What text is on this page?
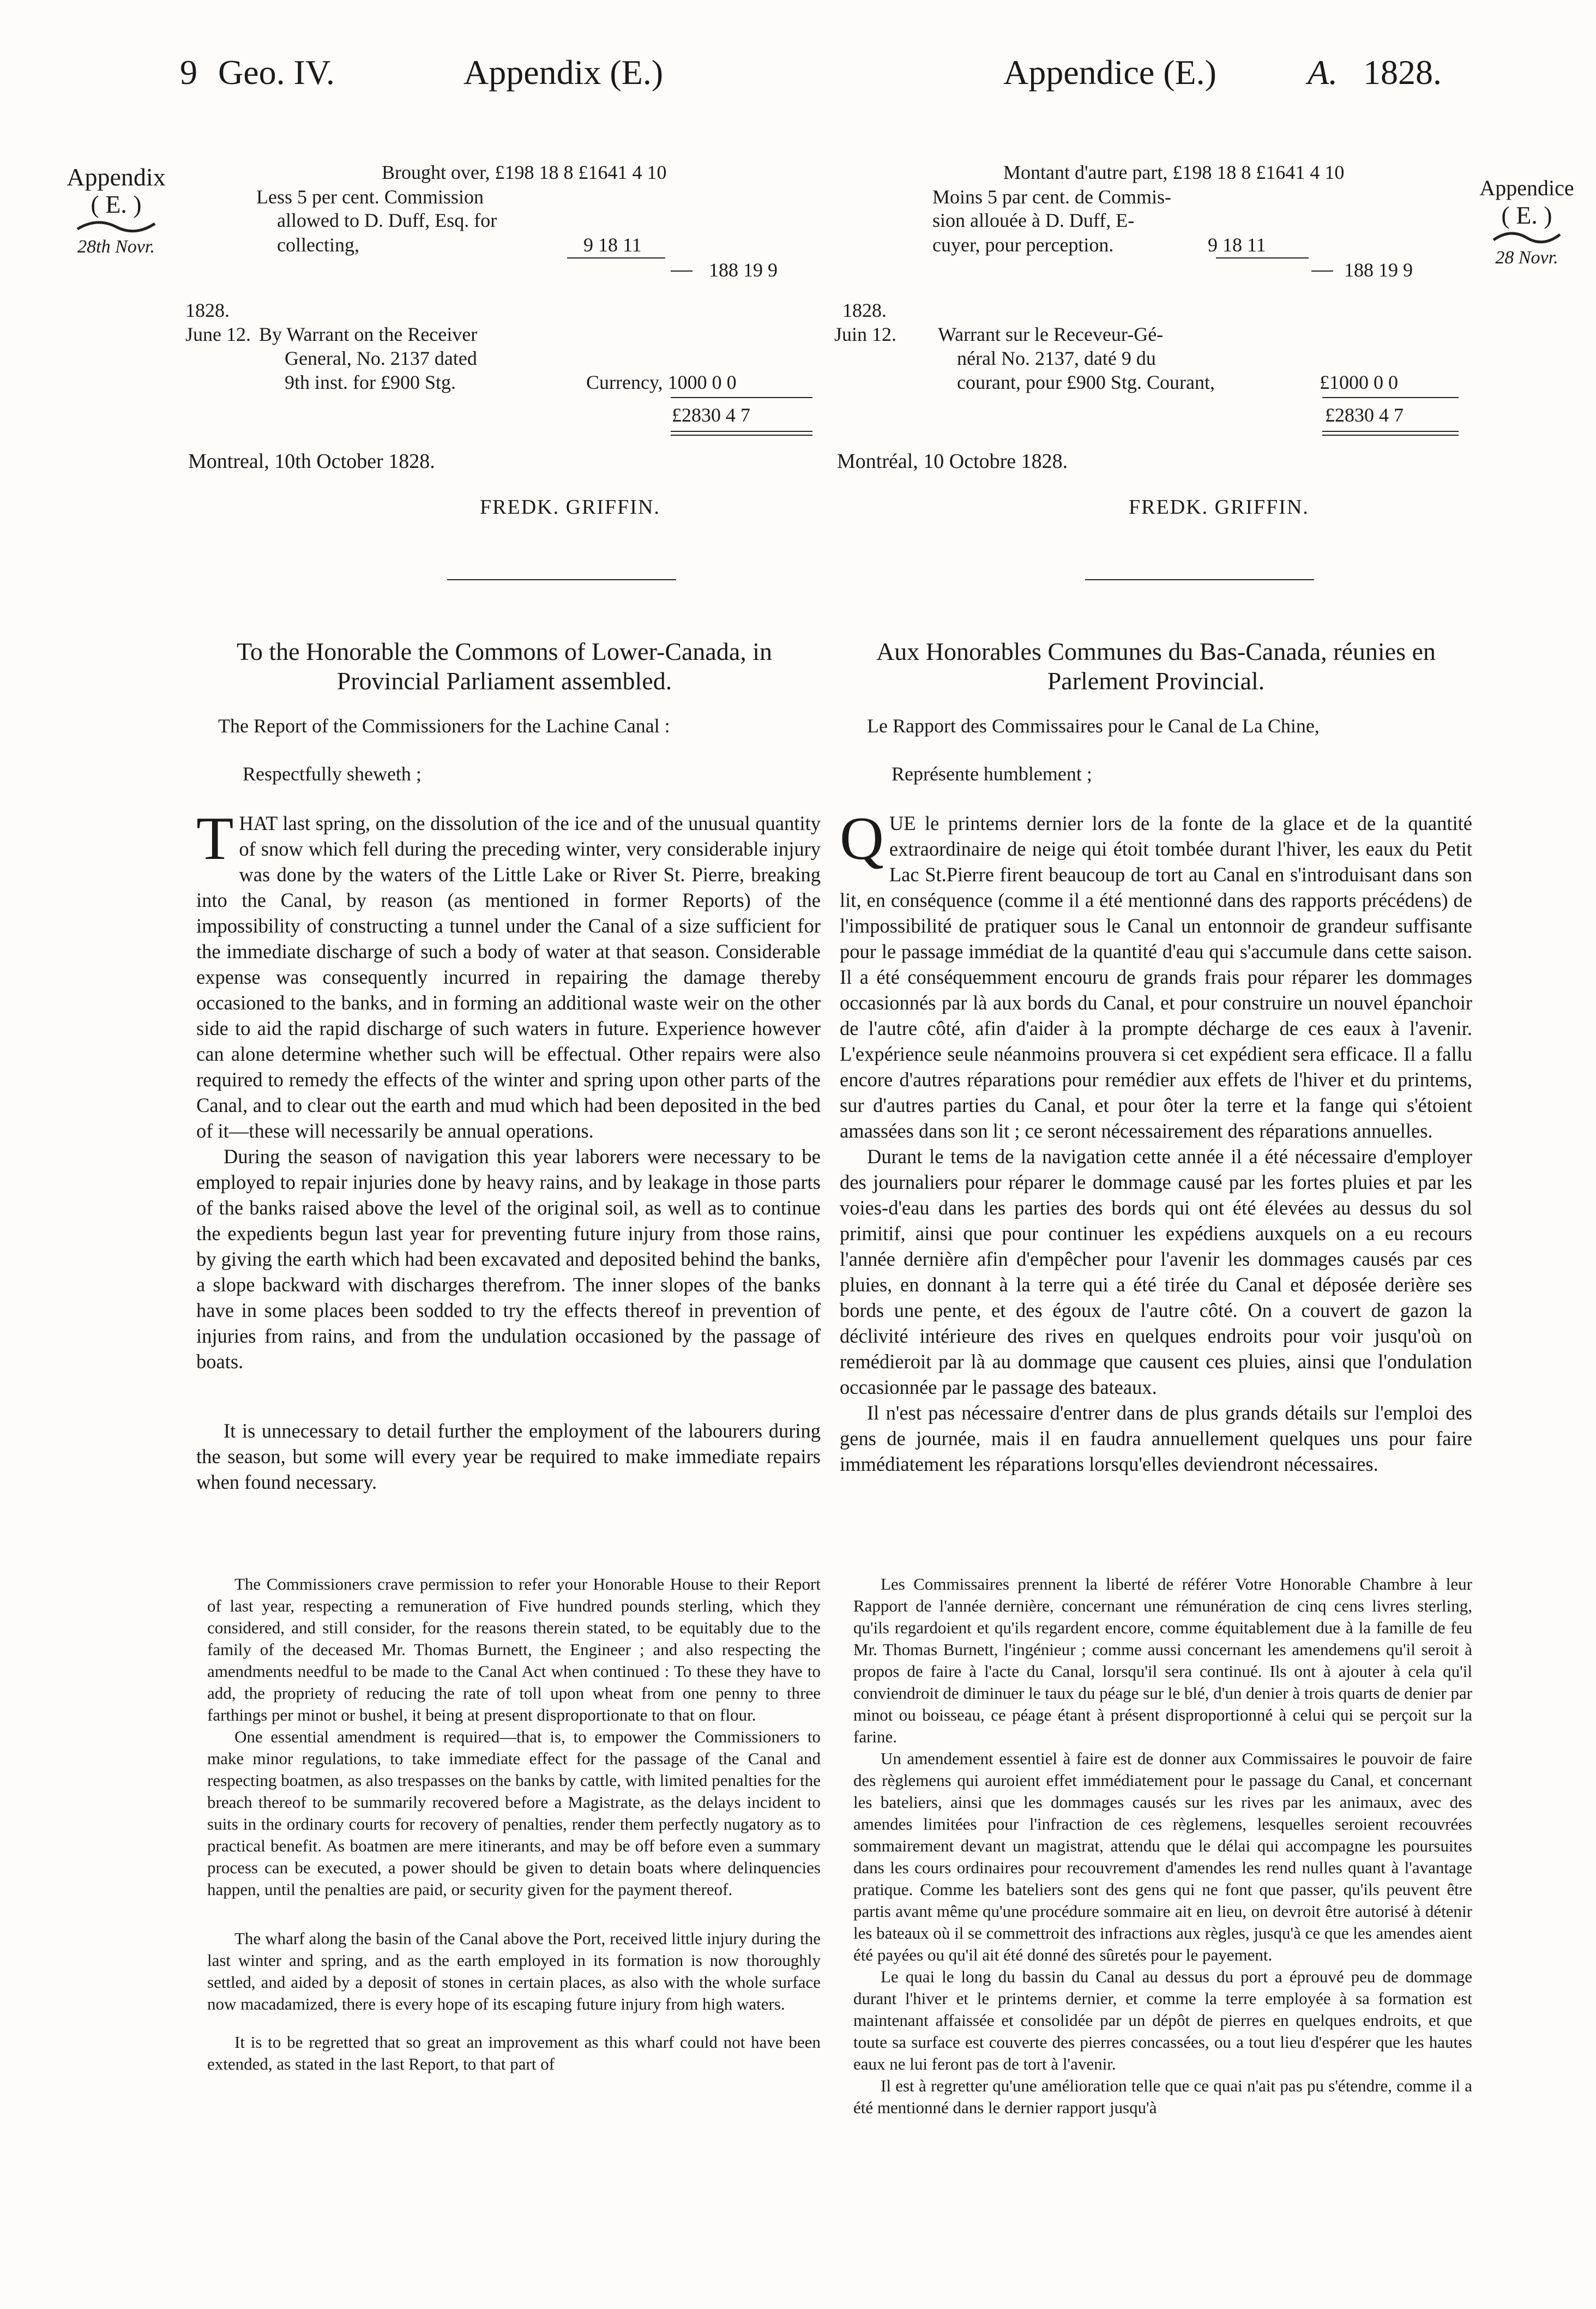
9 Geo. IV.	Appendix (E.)	Appendice (E.)	A. 1828.
Appendix
( E. )
28th Novr.
Appendice
( E. )
28 Novr.
Brought over, £198 18 8 £1641 4 10
Less 5 per cent. Commission
allowed to D. Duff, Esq. for
collecting,	9 18 11
188 19 9
1828.
June 12. By Warrant on the Receiver
General, No. 2137 dated
9th inst. for £900 Stg.	Currency, 1000 0 0
£2830 4 7
Montreal, 10th October 1828.
FREDK. GRIFFIN.
Montant d'autre part, £198 18 8 £1641 4 10
Moins 5 par cent. de Commis-
sion allouée à D. Duff, E-
cuyer, pour perception.	9 18 11
188 19 9
1828.
Juin 12. Warrant sur le Receveur-Gé-
néral No. 2137, daté 9 du
courant, pour £900 Stg. Courant,	£1000 0 0
£2830 4 7
Montréal, 10 Octobre 1828.
FREDK. GRIFFIN.
To the Honorable the Commons of Lower-Canada, in Provincial Parliament assembled.
Aux Honorables Communes du Bas-Canada, réunies en Parlement Provincial.
The Report of the Commissioners for the Lachine Canal :	Le Rapport des Commissaires pour le Canal de La Chine,
Respectfully sheweth ;	Représente humblement ;

THAT last spring, on the dissolution of the ice and of the unusual quantity of snow which fell during the preceding winter, very considerable injury was done by the waters of the Little Lake or River St. Pierre, breaking into the Canal, by reason (as mentioned in former Reports) of the impossibility of constructing a tunnel under the Canal of a size sufficient for the immediate discharge of such a body of water at that season. Considerable expense was consequently incurred in repairing the damage thereby occasioned to the banks, and in forming an additional waste weir on the other side to aid the rapid discharge of such waters in future. Experience however can alone determine whether such will be effectual. Other repairs were also required to remedy the effects of the winter and spring upon other parts of the Canal, and to clear out the earth and mud which had been deposited in the bed of it—these will necessarily be annual operations.

During the season of navigation this year laborers were necessary to be employed to repair injuries done by heavy rains, and by leakage in those parts of the banks raised above the level of the original soil, as well as to continue the expedients begun last year for preventing future injury from those rains, by giving the earth which had been excavated and deposited behind the banks, a slope backward with discharges therefrom. The inner slopes of the banks have in some places been sodded to try the effects thereof in prevention of injuries from rains, and from the undulation occasioned by the passage of boats.

It is unnecessary to detail further the employment of the labourers during the season, but some will every year be required to make immediate repairs when found necessary.

QUE le printems dernier lors de la fonte de la glace et de la quantité extraordinaire de neige qui étoit tombée durant l'hiver, les eaux du Petit Lac St.Pierre firent beaucoup de tort au Canal en s'introduisant dans son lit, en conséquence (comme il a été mentionné dans des rapports précédens) de l'impossibilité de pratiquer sous le Canal un entonnoir de grandeur suffisante pour le passage immédiat de la quantité d'eau qui s'accumule dans cette saison. Il a été conséquemment encouru de grands frais pour réparer les dommages occasionnés par là aux bords du Canal, et pour construire un nouvel épanchoir de l'autre côté, afin d'aider à la prompte décharge de ces eaux à l'avenir. L'expérience seule néanmoins prouvera si cet expédient sera efficace. Il a fallu encore d'autres réparations pour remédier aux effets de l'hiver et du printems, sur d'autres parties du Canal, et pour ôter la terre et la fange qui s'étoient amassées dans son lit ; ce seront nécessairement des réparations annuelles.

Durant le tems de la navigation cette année il a été nécessaire d'employer des journaliers pour réparer le dommage causé par les fortes pluies et par les voies-d'eau dans les parties des bords qui ont été élevées au dessus du sol primitif, ainsi que pour continuer les expédiens auxquels on a eu recours l'année dernière afin d'empêcher pour l'avenir les dommages causés par ces pluies, en donnant à la terre qui a été tirée du Canal et déposée derière ses bords une pente, et des égoux de l'autre côté. On a couvert de gazon la déclivité intérieure des rives en quelques endroits pour voir jusqu'où on remédieroit par là au dommage que causent ces pluies, ainsi que l'ondulation occasionnée par le passage des bateaux.

Il n'est pas nécessaire d'entrer dans de plus grands détails sur l'emploi des gens de journée, mais il en faudra annuellement quelques uns pour faire immédiatement les réparations lorsqu'elles deviendront nécessaires.

The Commissioners crave permission to refer your Honorable House to their Report of last year, respecting a remuneration of Five hundred pounds sterling, which they considered, and still consider, for the reasons therein stated, to be equitably due to the family of the deceased Mr. Thomas Burnett, the Engineer ; and also respecting the amendments needful to be made to the Canal Act when continued : To these they have to add, the propriety of reducing the rate of toll upon wheat from one penny to three farthings per minot or bushel, it being at present disproportionate to that on flour.

One essential amendment is required—that is, to empower the Commissioners to make minor regulations, to take immediate effect for the passage of the Canal and respecting boatmen, as also trespasses on the banks by cattle, with limited penalties for the breach thereof to be summarily recovered before a Magistrate, as the delays incident to suits in the ordinary courts for recovery of penalties, render them perfectly nugatory as to practical benefit. As boatmen are mere itinerants, and may be off before even a summary process can be executed, a power should be given to detain boats where delinquencies happen, until the penalties are paid, or security given for the payment thereof.

The wharf along the basin of the Canal above the Port, received little injury during the last winter and spring, and as the earth employed in its formation is now thoroughly settled, and aided by a deposit of stones in certain places, as also with the whole surface now macadamized, there is every hope of its escaping future injury from high waters.

It is to be regretted that so great an improvement as this wharf could not have been extended, as stated in the last Report, to that part of

Les Commissaires prennent la liberté de référer Votre Honorable Chambre à leur Rapport de l'année dernière, concernant une rémunération de cinq cens livres sterling, qu'ils regardoient et qu'ils regardent encore, comme équitablement due à la famille de feu Mr. Thomas Burnett, l'ingénieur ; comme aussi concernant les amendemens qu'il seroit à propos de faire à l'acte du Canal, lorsqu'il sera continué. Ils ont à ajouter à cela qu'il conviendroit de diminuer le taux du péage sur le blé, d'un denier à trois quarts de denier par minot ou boisseau, ce péage étant à présent disproportionné à celui qui se perçoit sur la farine.

Un amendement essentiel à faire est de donner aux Commissaires le pouvoir de faire des règlemens qui auroient effet immédiatement pour le passage du Canal, et concernant les bateliers, ainsi que les dommages causés sur les rives par les animaux, avec des amendes limitées pour l'infraction de ces règlemens, lesquelles seroient recouvrées sommairement devant un magistrat, attendu que le délai qui accompagne les poursuites dans les cours ordinaires pour recouvrement d'amendes les rend nulles quant à l'avantage pratique. Comme les bateliers sont des gens qui ne font que passer, qu'ils peuvent être partis avant même qu'une procédure sommaire ait en lieu, on devroit être autorisé à détenir les bateaux où il se commettroit des infractions aux règles, jusqu'à ce que les amendes aient été payées ou qu'il ait été donné des sûretés pour le payement.

Le quai le long du bassin du Canal au dessus du port a éprouvé peu de dommage durant l'hiver et le printems dernier, et comme la terre employée à sa formation est maintenant affaissée et consolidée par un dépôt de pierres en quelques endroits, et que toute sa surface est couverte des pierres concassées, ou a tout lieu d'espérer que les hautes eaux ne lui feront pas de tort à l'avenir.

Il est à regretter qu'une amélioration telle que ce quai n'ait pas pu s'étendre, comme il a été mentionné dans le dernier rapport jusqu'à
